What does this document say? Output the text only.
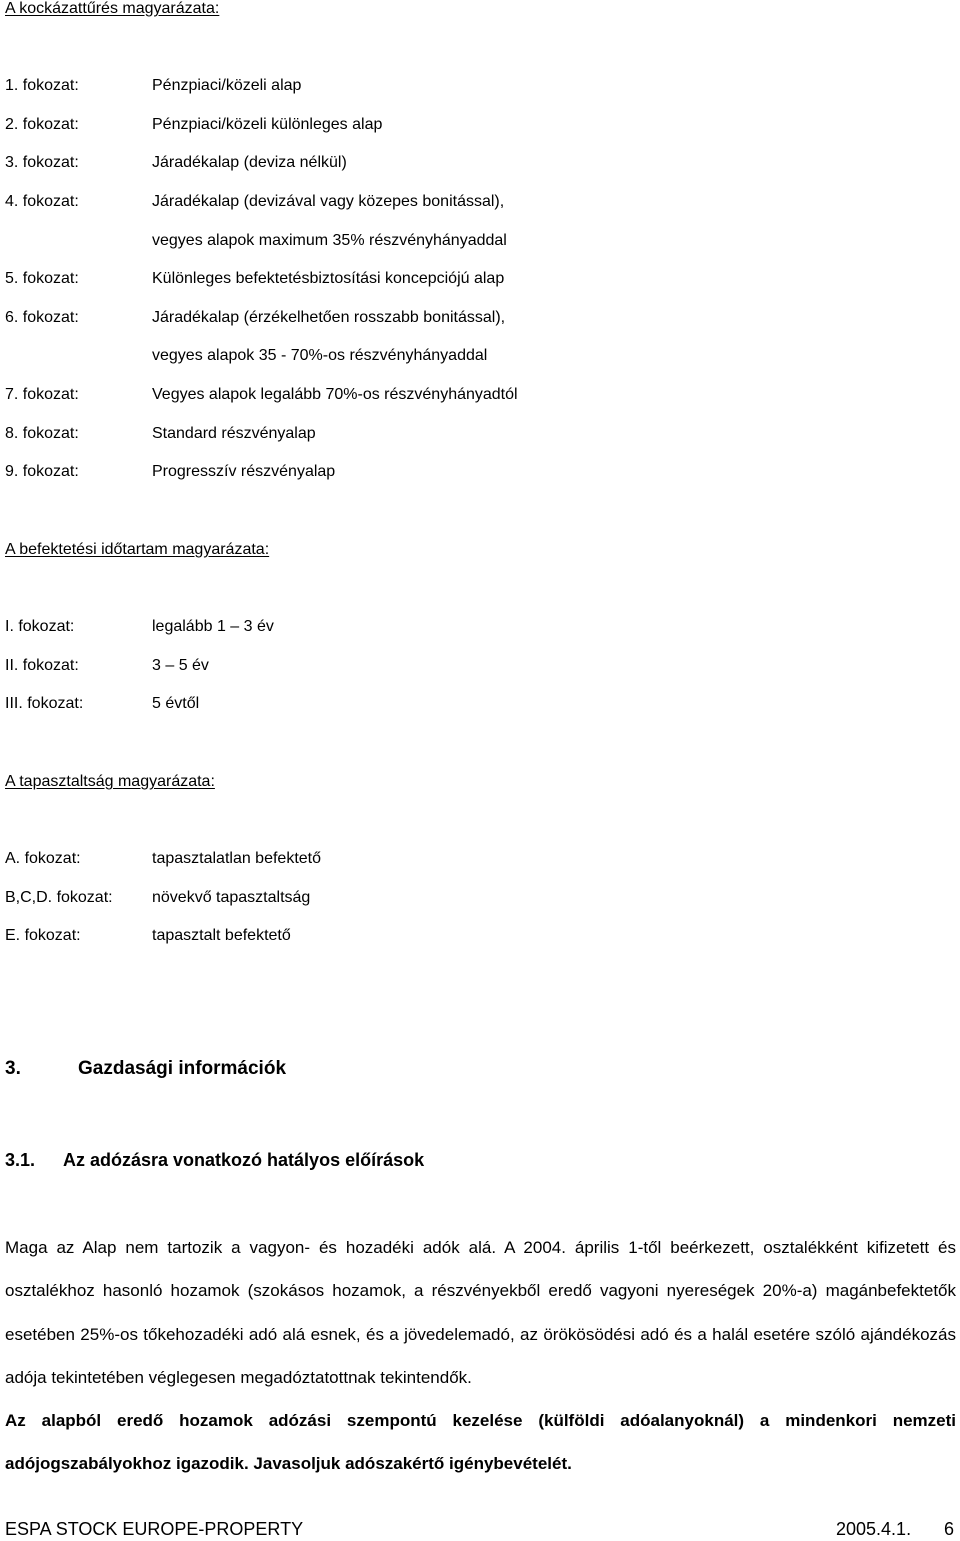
A kockázattűrés magyarázata:
1. fokozat:	Pénzpiaci/közeli alap
2. fokozat:	Pénzpiaci/közeli különleges alap
3. fokozat:	Járadékalap (deviza nélkül)
4. fokozat:	Járadékalap (devizával vagy közepes bonitással),
vegyes alapok maximum 35% részvényhányaddal
5. fokozat:	Különleges befektetésbiztosítási koncepciójú alap
6. fokozat:	Járadékalap (érzékelhetően rosszabb bonitással),
vegyes alapok 35 - 70%-os részvényhányaddal
7. fokozat:	Vegyes alapok legalább 70%-os részvényhányadtól
8. fokozat:	Standard részvényalap
9. fokozat:	Progresszív részvényalap
A befektetési időtartam magyarázata:
I. fokozat:	legalább 1 – 3 év
II. fokozat:	3 – 5 év
III. fokozat:	5 évtől
A tapasztaltság magyarázata:
A. fokozat:	tapasztalatlan befektető
B,C,D. fokozat: növekvő tapasztaltság
E. fokozat:	tapasztalt befektető
3.	Gazdasági információk
3.1. Az adózásra vonatkozó hatályos előírások

Maga az Alap nem tartozik a vagyon- és hozadéki adók alá. A 2004. április 1-től beérkezett, osztalékként kifizetett és osztalékhoz hasonló hozamok (szokásos hozamok, a részvényekből eredő vagyoni nyereségek 20%-a) magánbefektetők esetében 25%-os tőkehozadéki adó alá esnek, és a jövedelemadó, az örökösödési adó és a halál esetére szóló ajándékozás adója tekintetében véglegesen megadóztatottnak tekintendők.

Az alapból eredő hozamok adózási szempontú kezelése (külföldi adóalanyoknál) a mindenkori nemzeti adójogszabályokhoz igazodik. Javasoljuk adószakértő igénybevételét.

ESPA STOCK EUROPE-PROPERTY	2005.4.1. 6
